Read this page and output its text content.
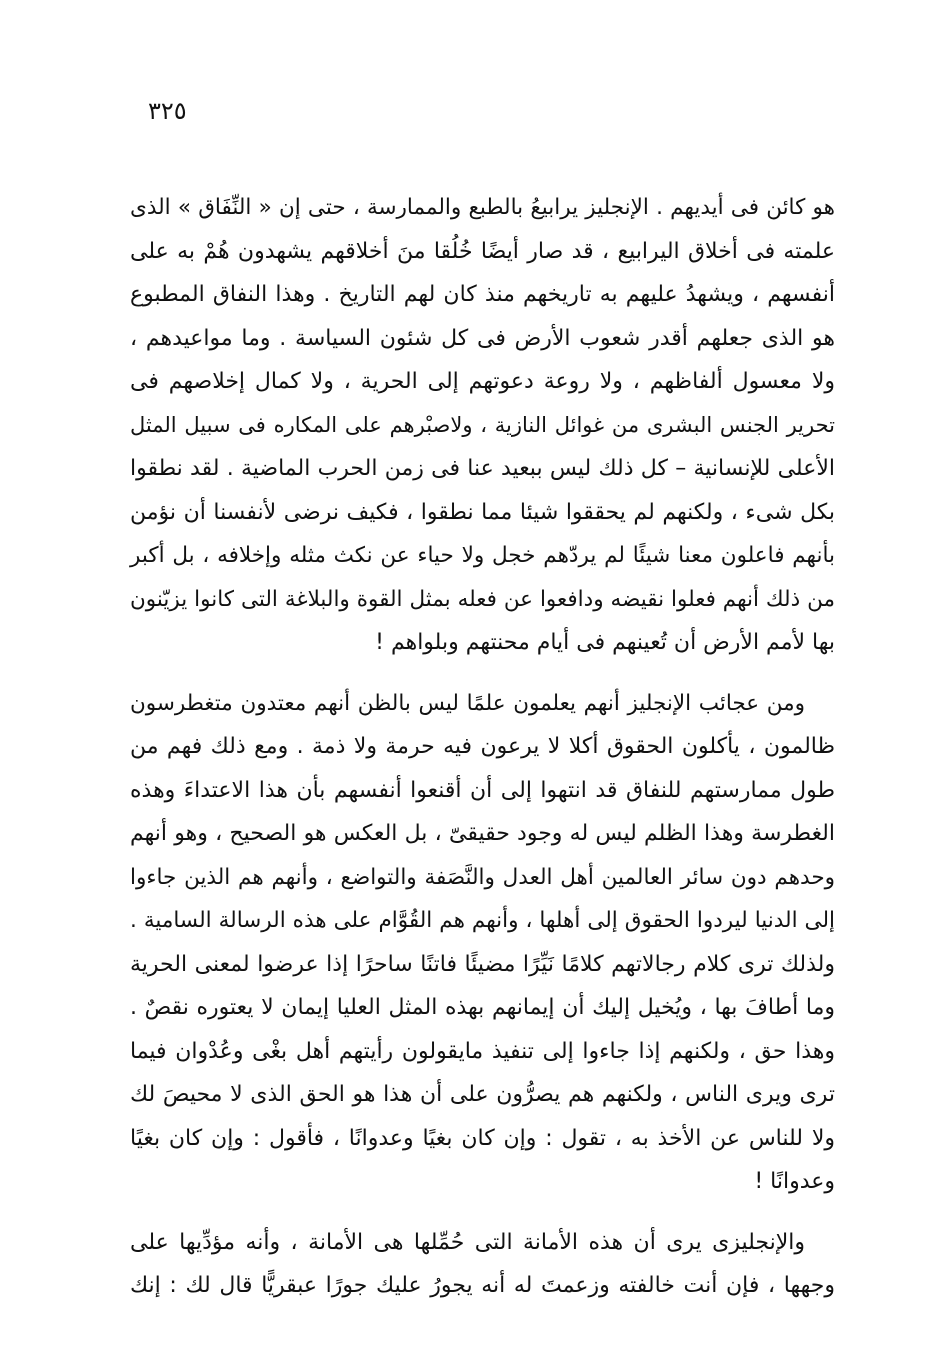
٣٢٥
هو كائن فى أيديهم . الإنجليز يرابيعُ بالطبع والممارسة ، حتى إن « النِّفَاق » الذى
علمته فى أخلاق اليرابيع ، قد صار أيضًا خُلُقا منَ أخلاقهم يشهدون هُمْ به على
أنفسهم ، ويشهدُ عليهم به تاريخهم منذ كان لهم التاريخ . وهذا النفاق المطبوع
هو الذى جعلهم أقدر شعوب الأرض فى كل شئون السياسة . وما مواعيدهم ،
ولا معسول ألفاظهم ، ولا روعة دعوتهم إلى الحرية ، ولا كمال إخلاصهم فى
تحرير الجنس البشرى من غوائل النازية ، ولاصبْرهم على المكاره فى سبيل المثل
الأعلى للإنسانية – كل ذلك ليس ببعيد عنا فى زمن الحرب الماضية . لقد نطقوا
بكل شىء ، ولكنهم لم يحققوا شيئا مما نطقوا ، فكيف نرضى لأنفسنا أن نؤمن
بأنهم فاعلون معنا شيئًا لم يردّهم خجل ولا حياء عن نكث مثله وإخلافه ، بل أكبر
من ذلك أنهم فعلوا نقيضه ودافعوا عن فعله بمثل القوة والبلاغة التى كانوا يزيّنون
بها لأمم الأرض أن تُعينهم فى أيام محنتهم وبلواهم !
ومن عجائب الإنجليز أنهم يعلمون علمًا ليس بالظن أنهم معتدون متغطرسون
ظالمون ، يأكلون الحقوق أكلا لا يرعون فيه حرمة ولا ذمة . ومع ذلك فهم من
طول ممارستهم للنفاق قد انتهوا إلى أن أقنعوا أنفسهم بأن هذا الاعتداءَ وهذه
الغطرسة وهذا الظلم ليس له وجود حقيقىّ ، بل العكس هو الصحيح ، وهو أنهم
وحدهم دون سائر العالمين أهل العدل والنَّصَفة والتواضع ، وأنهم هم الذين جاءوا
إلى الدنيا ليردوا الحقوق إلى أهلها ، وأنهم هم القُوَّام على هذه الرسالة السامية .
ولذلك ترى كلام رجالاتهم كلامًا نَيِّرًا مضيئًا فاتنًا ساحرًا إذا عرضوا لمعنى الحرية
وما أطافَ بها ، ويُخيل إليك أن إيمانهم بهذه المثل العليا إيمان لا يعتوره نقصٌ .
وهذا حق ، ولكنهم إذا جاءوا إلى تنفيذ مايقولون رأيتهم أهل بغْى وعُدْوان فيما
ترى ويرى الناس ، ولكنهم هم يصرُّون على أن هذا هو الحق الذى لا محيصَ لك
ولا للناس عن الأخذ به ، تقول : وإن كان بغيًا وعدوانًا ، فأقول : وإن كان بغيًا
وعدوانًا !
والإنجليزى يرى أن هذه الأمانة التى حُمِّلها هى الأمانة ، وأنه مؤدِّيها على
وجهها ، فإن أنت خالفته وزعمتَ له أنه يجورُ عليك جورًا عبقريًّا قال لك : إنك
